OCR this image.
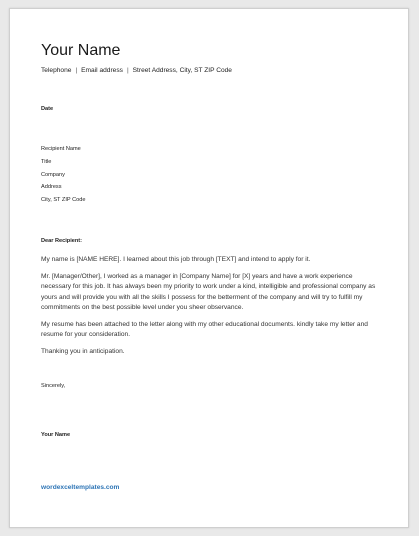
Your Name
Telephone | Email address | Street Address, City, ST ZIP Code
Date
Recipient Name
Title
Company
Address
City, ST ZIP Code
Dear Recipient:

My name is [NAME HERE]. I learned about this job through [TEXT] and intend to apply for it.

Mr. [Manager/Other], I worked as a manager in [Company Name] for [X] years and have a work experience necessary for this job. It has always been my priority to work under a kind, intelligible and professional company as yours and will provide you with all the skills I possess for the betterment of the company and will try to fulfill my commitments on the best possible level under you sheer observance.

My resume has been attached to the letter along with my other educational documents. kindly take my letter and resume for your consideration.

Thanking you in anticipation.

Sincerely,
Your Name
wordexceltemplates.com
